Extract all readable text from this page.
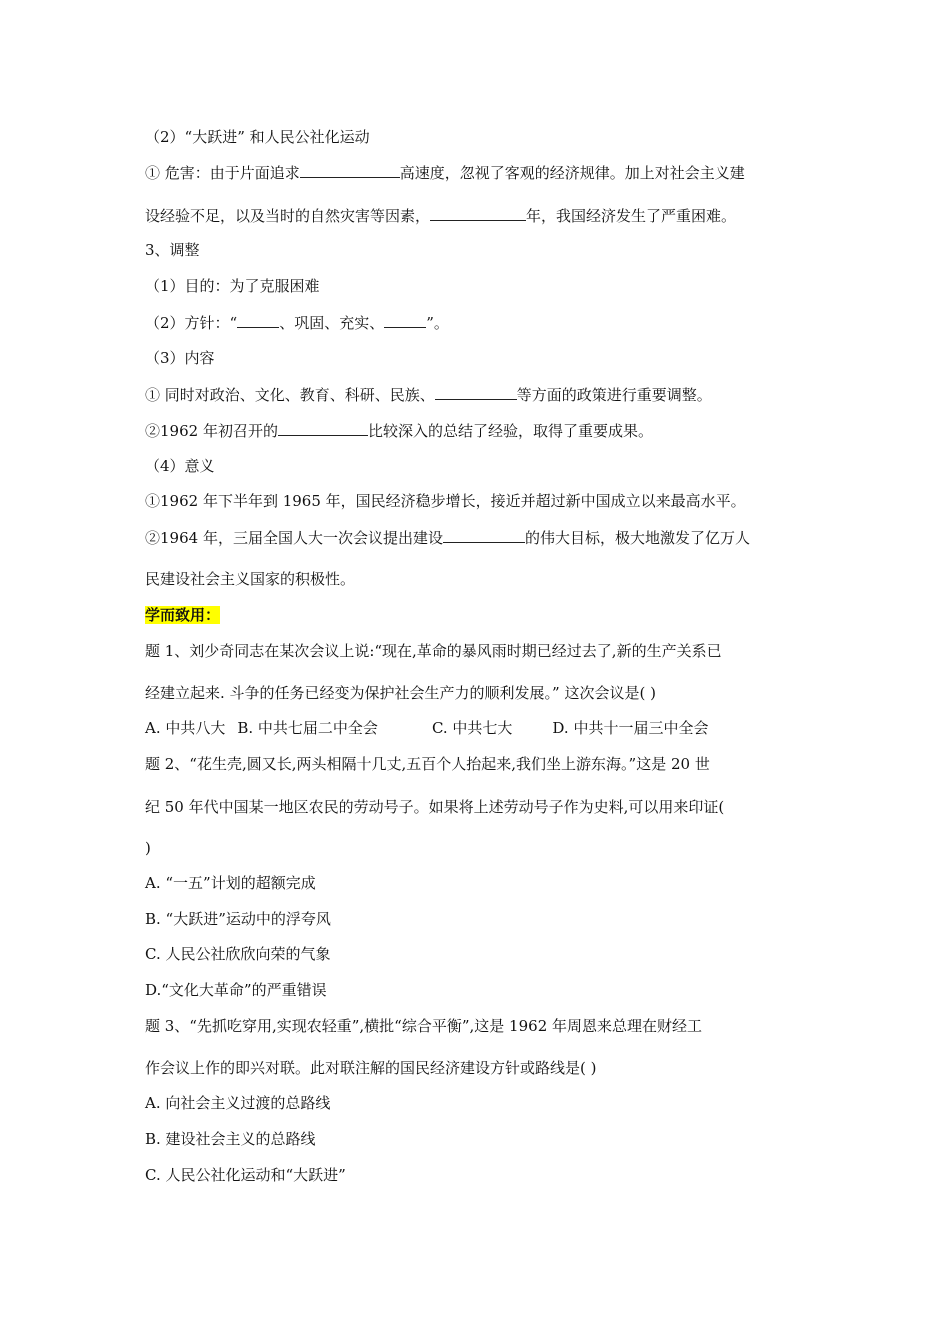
（2）“大跃进” 和人民公社化运动
① 危害：由于片面追求	高速度，忽视了客观的经济规律。加上对社会主义建
设经验不足，以及当时的自然灾害等因素，	年，我国经济发生了严重困难。
3、调整
（1）目的：为了克服困难
（2）方针：“	、巩固、充实、	”。
（3）内容
① 同时对政治、文化、教育、科研、民族、	等方面的政策进行重要调整。
②1962 年初召开的	比较深入的总结了经验，取得了重要成果。
（4）意义
①1962 年下半年到 1965 年，国民经济稳步增长，接近并超过新中国成立以来最高水平。
②1964 年，三届全国人大一次会议提出建设	的伟大目标，极大地激发了亿万人
民建设社会主义国家的积极性。
学而致用：
题 1、刘少奇同志在某次会议上说:“现在,革命的暴风雨时期已经过去了,新的生产关系已
经建立起来. 斗争的任务已经变为保护社会生产力的顺利发展。” 这次会议是( )
A. 中共八大 B. 中共七届二中全会	C. 中共七大	D. 中共十一届三中全会
题 2、“花生壳,圆又长,两头相隔十几丈,五百个人抬起来,我们坐上游东海。”这是 20 世
纪 50 年代中国某一地区农民的劳动号子。如果将上述劳动号子作为史料,可以用来印证(
)
A. “一五”计划的超额完成
B. “大跃进”运动中的浮夸风
C. 人民公社欣欣向荣的气象
D.“文化大革命”的严重错误
题 3、“先抓吃穿用,实现农轻重”,横批“综合平衡”,这是 1962 年周恩来总理在财经工
作会议上作的即兴对联。此对联注解的国民经济建设方针或路线是( )
A. 向社会主义过渡的总路线
B. 建设社会主义的总路线
C. 人民公社化运动和“大跃进”
